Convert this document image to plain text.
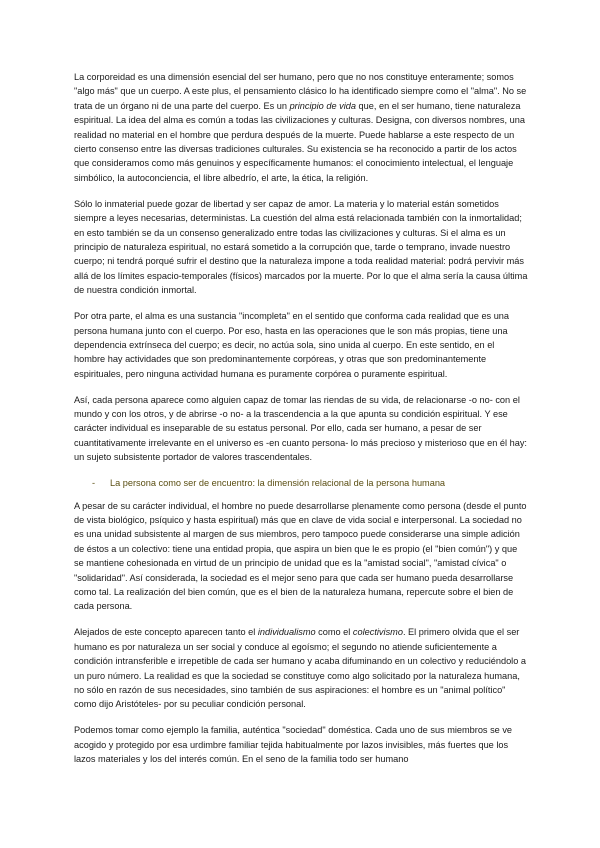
La corporeidad es una dimensión esencial del ser humano, pero que no nos constituye enteramente; somos "algo más" que un cuerpo. A este plus, el pensamiento clásico lo ha identificado siempre como el "alma". No se trata de un órgano ni de una parte del cuerpo. Es un principio de vida que, en el ser humano, tiene naturaleza espiritual. La idea del alma es común a todas las civilizaciones y culturas. Designa, con diversos nombres, una realidad no material en el hombre que perdura después de la muerte. Puede hablarse a este respecto de un cierto consenso entre las diversas tradiciones culturales. Su existencia se ha reconocido a partir de los actos que consideramos como más genuinos y específicamente humanos: el conocimiento intelectual, el lenguaje simbólico, la autoconciencia, el libre albedrío, el arte, la ética, la religión.

Sólo lo inmaterial puede gozar de libertad y ser capaz de amor. La materia y lo material están sometidos siempre a leyes necesarias, deterministas. La cuestión del alma está relacionada también con la inmortalidad; en esto también se da un consenso generalizado entre todas las civilizaciones y culturas. Si el alma es un principio de naturaleza espiritual, no estará sometido a la corrupción que, tarde o temprano, invade nuestro cuerpo; ni tendrá porqué sufrir el destino que la naturaleza impone a toda realidad material: podrá pervivir más allá de los límites espacio-temporales (físicos) marcados por la muerte. Por lo que el alma sería la causa última de nuestra condición inmortal.

Por otra parte, el alma es una sustancia "incompleta" en el sentido que conforma cada realidad que es una persona humana junto con el cuerpo. Por eso, hasta en las operaciones que le son más propias, tiene una dependencia extrínseca del cuerpo; es decir, no actúa sola, sino unida al cuerpo. En este sentido, en el hombre hay actividades que son predominantemente corpóreas, y otras que son predominantemente espirituales, pero ninguna actividad humana es puramente corpórea o puramente espiritual.

Así, cada persona aparece como alguien capaz de tomar las riendas de su vida, de relacionarse -o no- con el mundo y con los otros, y de abrirse -o no- a la trascendencia a la que apunta su condición espiritual. Y ese carácter individual es inseparable de su estatus personal. Por ello, cada ser humano, a pesar de ser cuantitativamente irrelevante en el universo es -en cuanto persona- lo más precioso y misterioso que en él hay: un sujeto subsistente portador de valores trascendentales.

-	La persona como ser de encuentro: la dimensión relacional de la persona humana

A pesar de su carácter individual, el hombre no puede desarrollarse plenamente como persona (desde el punto de vista biológico, psíquico y hasta espiritual) más que en clave de vida social e interpersonal. La sociedad no es una unidad subsistente al margen de sus miembros, pero tampoco puede considerarse una simple adición de éstos a un colectivo: tiene una entidad propia, que aspira un bien que le es propio (el "bien común") y que se mantiene cohesionada en virtud de un principio de unidad que es la "amistad social", "amistad cívica" o "solidaridad". Así considerada, la sociedad es el mejor seno para que cada ser humano pueda desarrollarse como tal. La realización del bien común, que es el bien de la naturaleza humana, repercute sobre el bien de cada persona.

Alejados de este concepto aparecen tanto el individualismo como el colectivismo. El primero olvida que el ser humano es por naturaleza un ser social y conduce al egoísmo; el segundo no atiende suficientemente a condición intransferible e irrepetible de cada ser humano y acaba difuminando en un colectivo y reduciéndolo a un puro número. La realidad es que la sociedad se constituye como algo solicitado por la naturaleza humana, no sólo en razón de sus necesidades, sino también de sus aspiraciones: el hombre es un "animal político" como dijo Aristóteles- por su peculiar condición personal.

Podemos tomar como ejemplo la familia, auténtica "sociedad" doméstica. Cada uno de sus miembros se ve acogido y protegido por esa urdimbre familiar tejida habitualmente por lazos invisibles, más fuertes que los lazos materiales y los del interés común. En el seno de la familia todo ser humano
